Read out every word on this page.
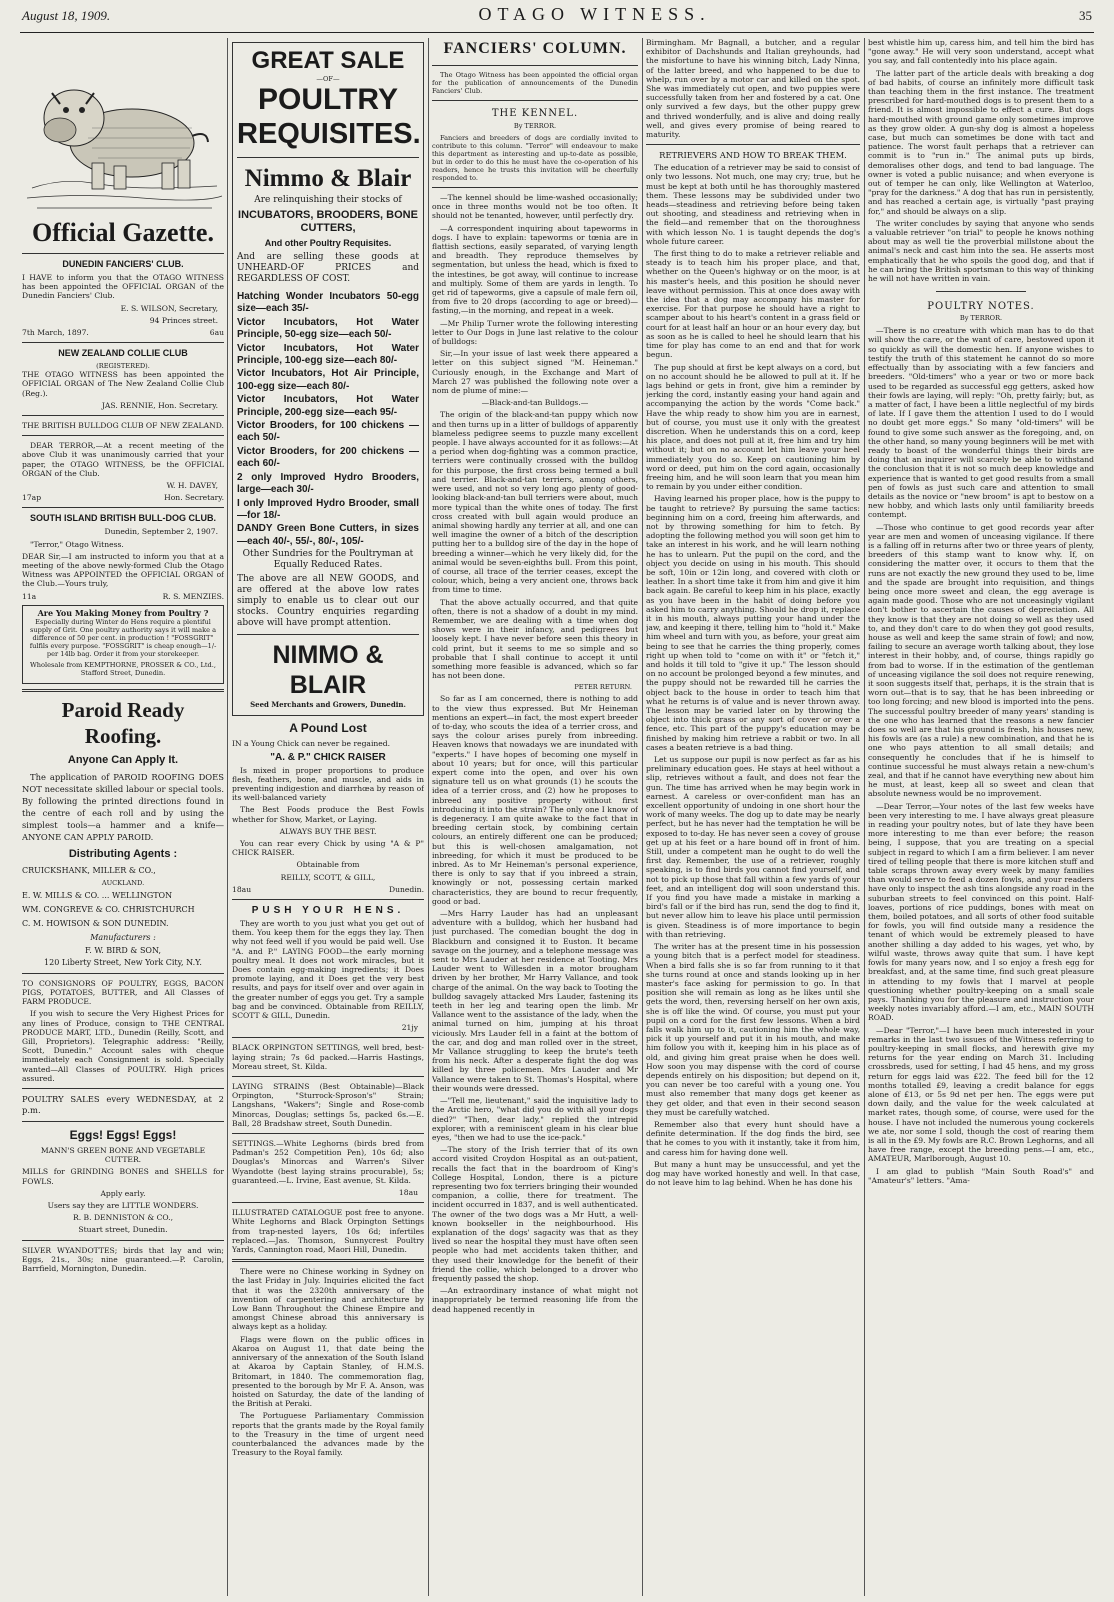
August 18, 1909.	OTAGO WITNESS.	35
Official Gazette.
DUNEDIN FANCIERS' CLUB.

I HAVE to inform you that the OTAGO WITNESS has been appointed the OFFICIAL ORGAN of the Dunedin Fanciers' Club.

E. S. WILSON, Secretary,

94 Princes street.

7th March, 1897.	6au
NEW ZEALAND COLLIE CLUB
(REGISTERED).

THE OTAGO WITNESS has been appointed the OFFICIAL ORGAN of The New Zealand Collie Club (Reg.).

JAS. RENNIE, Hon. Secretary.

THE BRITISH BULLDOG CLUB OF NEW ZEALAND.

DEAR TERROR,—At a recent meeting of the above Club it was unanimously carried that your paper, the OTAGO WITNESS, be the OFFICIAL ORGAN of the Club.

W. H. DAVEY,

17ap	Hon. Secretary.
SOUTH ISLAND BRITISH BULL-DOG CLUB.

Dunedin, September 2, 1907.

"Terror," Otago Witness.

DEAR Sir,—I am instructed to inform you that at a meeting of the above newly-formed Club the Otago Witness was APPOINTED the OFFICIAL ORGAN of the Club.—Yours truly,

11a	R. S. MENZIES.
Are You Making Money from Poultry ?

Especially during Winter do Hens require a plentiful supply of Grit. One poultry authority says it will make a difference of 50 per cent. in production ! "FOSSGRIT" fulfils every purpose. "FOSSGRIT" is cheap enough—1/- per 14lb bag. Order it from your storekeeper.

Wholesale from KEMPTHORNE, PROSSER & CO., Ltd., Stafford Street, Dunedin.

Paroid Ready Roofing.
Anyone Can Apply It.

The application of PAROID ROOFING DOES NOT necessitate skilled labour or special tools. By following the printed directions found in the centre of each roll and by using the simplest tools—a hammer and a knife—ANYONE CAN APPLY PAROID.

Distributing Agents :

CRUICKSHANK, MILLER & CO.,

AUCKLAND.

E. W. MILLS & CO. ... WELLINGTON

WM. CONGREVE & CO. CHRISTCHURCH

C. M. HOWISON & SON DUNEDIN.

Manufacturers :

F. W. BIRD & SON,

120 Liberty Street, New York City, N.Y.

TO CONSIGNORS OF POULTRY, EGGS, BACON PIGS, POTATOES, BUTTER, and All Classes of FARM PRODUCE.

If you wish to secure the Very Highest Prices for any lines of Produce, consign to THE CENTRAL PRODUCE MART, LTD., Dunedin (Reilly, Scott, and Gill, Proprietors). Telegraphic address: "Reilly, Scott, Dunedin." Account sales with cheque immediately each Consignment is sold. Specially wanted—All Classes of POULTRY. High prices assured.

POULTRY SALES every WEDNESDAY, at 2 p.m.

Eggs! Eggs! Eggs!

MANN'S GREEN BONE AND VEGETABLE CUTTER.

MILLS for GRINDING BONES and SHELLS for FOWLS.

Apply early.

Users say they are LITTLE WONDERS.

R. B. DENNISTON & CO.,

Stuart street, Dunedin.

SILVER WYANDOTTES; birds that lay and win; Eggs, 21s., 30s; nine guaranteed.—P. Carolin, Barrfield, Mornington, Dunedin.

GREAT SALE
—OF—
POULTRY
REQUISITES.
Nimmo & Blair

Are relinquishing their stocks of

INCUBATORS, BROODERS, BONE CUTTERS,
And other Poultry Requisites.

And are selling these goods at UNHEARD-OF PRICES and REGARDLESS OF COST.

Hatching Wonder Incubators 50-egg size—each 35/-

Victor Incubators, Hot Water Principle, 50-egg size—each 50/-

Victor Incubators, Hot Water Principle, 100-egg size—each 80/-

Victor Incubators, Hot Air Principle, 100-egg size—each 80/-

Victor Incubators, Hot Water Principle, 200-egg size—each 95/-

Victor Brooders, for 100 chickens —each 50/-

Victor Brooders, for 200 chickens —each 60/-

2 only Improved Hydro Brooders, large—each 30/-

I only Improved Hydro Brooder, small—for 18/-

DANDY Green Bone Cutters, in sizes—each 40/-, 55/-, 80/-, 105/-

Other Sundries for the Poultryman at Equally Reduced Rates.

The above are all NEW GOODS, and are offered at the above low rates simply to enable us to clear out our stocks. Country enquiries regarding above will have prompt attention.

NIMMO & BLAIR
Seed Merchants and Growers, Dunedin.
A Pound Lost

IN a Young Chick can never be regained.

"A. & P." CHICK RAISER

Is mixed in proper proportions to produce flesh, feathers, bone, and muscle, and aids in preventing indigestion and diarrhœa by reason of its well-balanced variety

The Best Foods produce the Best Fowls whether for Show, Market, or Laying.

ALWAYS BUY THE BEST.

You can rear every Chick by using "A & P" CHICK RAISER.

Obtainable from

REILLY, SCOTT, & GILL,

18au	Dunedin.
PUSH YOUR HENS.

They are worth to you just what you get out of them. You keep them for the eggs they lay. Then why not feed well if you would be paid well. Use "A. and P." LAYING FOOD—the early morning poultry meal. It does not work miracles, but it Does contain egg-making ingredients; it Does promote laying, and it Does get the very best results, and pays for itself over and over again in the greater number of eggs you get. Try a sample bag and be convinced. Obtainable from REILLY, SCOTT & GILL, Dunedin.

21jy

BLACK ORPINGTON SETTINGS, well bred, best-laying strain; 7s 6d packed.—Harris Hastings, Moreau street, St. Kilda.

LAYING STRAINS (Best Obtainable)—Black Orpington, "Sturrock-Sproson's" Strain; Langshans, "Wakers"; Single and Rose-comb Minorcas, Douglas; settings 5s, packed 6s.—E. Ball, 28 Bradshaw street, South Dunedin.

SETTINGS.—White Leghorns (birds bred from Padman's 252 Competition Pen), 10s 6d; also Douglas's Minorcas and Warren's Silver Wyandotte (best laying strains procurable), 5s; guaranteed.—L. Irvine, East avenue, St. Kilda.

18au

ILLUSTRATED CATALOGUE post free to anyone. White Leghorns and Black Orpington Settings from trap-nested layers, 10s 6d; infertiles replaced.—Jas. Thomson, Sunnycrest Poultry Yards, Cannington road, Maori Hill, Dunedin.

There were no Chinese working in Sydney on the last Friday in July. Inquiries elicited the fact that it was the 2320th anniversary of the invention of carpentering and architecture by Low Bann Throughout the Chinese Empire and amongst Chinese abroad this anniversary is always kept as a holiday.

Flags were flown on the public offices in Akaroa on August 11, that date being the anniversary of the annexation of the South Island at Akaroa by Captain Stanley, of H.M.S. Britomart, in 1840. The commemoration flag, presented to the borough by Mr F. A. Anson, was hoisted on Saturday, the date of the landing of the British at Peraki.

The Portuguese Parliamentary Commission reports that the grants made by the Royal family to the Treasury in the time of urgent need counterbalanced the advances made by the Treasury to the Royal family.

FANCIERS' COLUMN.

The Otago Witness has been appointed the official organ for the publication of announcements of the Dunedin Fanciers' Club.

THE KENNEL.
By TERROR.

Fanciers and breeders of dogs are cordially invited to contribute to this column. "Terror" will endeavour to make this department as interesting and up-to-date as possible, but in order to do this he must have the co-operation of his readers, hence he trusts this invitation will be cheerfully responded to.

—The kennel should be lime-washed occasionally; once in three months would not be too often. It should not be tenanted, however, until perfectly dry.

—A correspondent inquiring about tapeworms in dogs. I have to explain: tapeworms or tœnia are in flattish sections, easily separated, of varying length and breadth. They reproduce themselves by segmentation, but unless the head, which is fixed to the intestines, be got away, will continue to increase and multiply. Some of them are yards in length. To get rid of tapeworms, give a capsule of male fern oil, from five to 20 drops (according to age or breed)—fasting,—in the morning, and repeat in a week.

—Mr Philip Turner wrote the following interesting letter to Our Dogs in June last relative to the colour of bulldogs:

Sir,—In your issue of last week there appeared a letter on this subject signed "M. Heineman." Curiously enough, in the Exchange and Mart of March 27 was published the following note over a nom de plume of mine:—

—Black-and-tan Bulldogs.—

The origin of the black-and-tan puppy which now and then turns up in a litter of bulldogs of apparently blameless pedigree seems to puzzle many excellent people. I have always accounted for it as follows:—At a period when dog-fighting was a common practice, terriers were continually crossed with the bulldog for this purpose, the first cross being termed a bull and terrier. Black-and-tan terriers, among others, were used, and not so very long ago plenty of good-looking black-and-tan bull terriers were about, much more typical than the white ones of today. The first cross created with bull again would produce an animal showing hardly any terrier at all, and one can well imagine the owner of a bitch of the description putting her to a bulldog sire of the day in the hope of breeding a winner—which he very likely did, for the animal would be seven-eighths bull. From this point, of course, all trace of the terrier ceases, except the colour, which, being a very ancient one, throws back from time to time.

That the above actually occurred, and that quite often, there is not a shadow of a doubt in my mind. Remember, we are dealing with a time when dog shows were in their infancy, and pedigrees but loosely kept. I have never before seen this theory in cold print, but it seems to me so simple and so probable that I shall continue to accept it until something more feasible is advanced, which so far has not been done.

PETER RETURN.

So far as I am concerned, there is nothing to add to the view thus expressed. But Mr Heineman mentions an expert—in fact, the most expert breeder of to-day, who scouts the idea of a terrier cross, and says the colour arises purely from inbreeding. Heaven knows that nowadays we are inundated with "experts." I have hopes of becoming one myself in about 10 years; but for once, will this particular expert come into the open, and over his own signature tell us on what grounds (1) he scouts the idea of a terrier cross, and (2) how he proposes to inbreed any positive property without first introducing it into the strain? The only one I know of is degeneracy. I am quite awake to the fact that in breeding certain stock, by combining certain colours, an entirely different one can be produced; but this is well-chosen amalgamation, not inbreeding, for which it must be produced to be inbred. As to Mr Heineman's personal experience, there is only to say that if you inbreed a strain, knowingly or not, possessing certain marked characteristics, they are bound to recur frequently, good or bad.

—Mrs Harry Lauder has had an unpleasant adventure with a bulldog, which her husband had just purchased. The comedian bought the dog in Blackburn and consigned it to Euston. It became savage on the journey, and a telephone message was sent to Mrs Lauder at her residence at Tooting. Mrs Lauder went to Willesden in a motor brougham driven by her brother, Mr Harry Vallance, and took charge of the animal. On the way back to Tooting the bulldog savagely attacked Mrs Lauder, fastening its teeth in her leg and tearing open the limb. Mr Vallance went to the assistance of the lady, when the animal turned on him, jumping at his throat viciously. Mrs Lauder fell in a faint at the bottom of the car, and dog and man rolled over in the street, Mr Vallance struggling to keep the brute's teeth from his neck. After a desperate fight the dog was killed by three policemen. Mrs Lauder and Mr Vallance were taken to St. Thomas's Hospital, where their wounds were dressed.

—"Tell me, lieutenant," said the inquisitive lady to the Arctic hero, "what did you do with all your dogs died?" "Then, dear lady," replied the intrepid explorer, with a reminiscent gleam in his clear blue eyes, "then we had to use the ice-pack."

—The story of the Irish terrier that of its own accord visited Croydon Hospital as an out-patient, recalls the fact that in the boardroom of King's College Hospital, London, there is a picture representing two fox terriers bringing their wounded companion, a collie, there for treatment. The incident occurred in 1837, and is well authenticated. The owner of the two dogs was a Mr Hutt, a well-known bookseller in the neighbourhood. His explanation of the dogs' sagacity was that as they lived so near the hospital they must have often seen people who had met accidents taken thither, and they used their knowledge for the benefit of their friend the collie, which belonged to a drover who frequently passed the shop.

—An extraordinary instance of what might not inappropriately be termed reasoning life from the dead happened recently in

Birmingham. Mr Bagnall, a butcher, and a regular exhibitor of Dachshunds and Italian greyhounds, had the misfortune to have his winning bitch, Lady Ninna, of the latter breed, and who happened to be due to whelp, run over by a motor car and killed on the spot. She was immediately cut open, and two puppies were successfully taken from her and fostered by a cat. One only survived a few days, but the other puppy grew and thrived wonderfully, and is alive and doing really well, and gives every promise of being reared to maturity.

RETRIEVERS AND HOW TO BREAK THEM.

The education of a retriever may be said to consist of only two lessons. Not much, one may cry; true, but he must be kept at both until he has thoroughly mastered them. These lessons may be subdivided under two heads—steadiness and retrieving before being taken out shooting, and steadiness and retrieving when in the field—and remember that on the thoroughness with which lesson No. 1 is taught depends the dog's whole future career.

The first thing to do to make a retriever reliable and steady is to teach him his proper place, and that, whether on the Queen's highway or on the moor, is at his master's heels, and this position he should never leave without permission. This at once does away with the idea that a dog may accompany his master for exercise. For that purpose he should have a right to scamper about to his heart's content in a grass field or court for at least half an hour or an hour every day, but as soon as he is called to heel he should learn that his time for play has come to an end and that for work begun.

The pup should at first be kept always on a cord, but on no account should he be allowed to pull at it. If he lags behind or gets in front, give him a reminder by jerking the cord, instantly easing your hand again and accompanying the action by the words "Come back." Have the whip ready to show him you are in earnest, but of course, you must use it only with the greatest discretion. When he understands this on a cord, keep his place, and does not pull at it, free him and try him without it; but on no account let him leave your heel immediately you do so. Keep on cautioning him by word or deed, put him on the cord again, occasionally freeing him, and he will soon learn that you mean him to remain by you under either condition.

Having learned his proper place, how is the puppy to be taught to retrieve? By pursuing the same tactics: beginning him on a cord, freeing him afterwards, and not by throwing something for him to fetch. By adopting the following method you will soon get him to take an interest in his work, and he will learn nothing he has to unlearn. Put the pupil on the cord, and the object you decide on using in his mouth. This should be soft, 10in or 12in long, and covered with cloth or leather. In a short time take it from him and give it him back again. Be careful to keep him in his place, exactly as you have been in the habit of doing before you asked him to carry anything. Should he drop it, replace it in his mouth, always putting your hand under the jaw, and keeping it there, telling him to "hold it." Make him wheel and turn with you, as before, your great aim being to see that he carries the thing properly, comes right up when told to "come on with it" or "fetch it," and holds it till told to "give it up." The lesson should on no account be prolonged beyond a few minutes, and the puppy should not be rewarded till he carries the object back to the house in order to teach him that what he returns is of value and is never thrown away. The lesson may be varied later on by throwing the object into thick grass or any sort of cover or over a fence, etc. This part of the puppy's education may be finished by making him retrieve a rabbit or two. In all cases a beaten retrieve is a bad thing.

Let us suppose our pupil is now perfect as far as his preliminary education goes. He stays at heel without a slip, retrieves without a fault, and does not fear the gun. The time has arrived when he may begin work in earnest. A careless or over-confident man has an excellent opportunity of undoing in one short hour the work of many weeks. The dog up to date may be nearly perfect, but he has never had the temptation he will be exposed to to-day. He has never seen a covey of grouse get up at his feet or a hare bound off in front of him. Still, under a competent man he ought to do well the first day. Remember, the use of a retriever, roughly speaking, is to find birds you cannot find yourself, and not to pick up those that fall within a few yards of your feet, and an intelligent dog will soon understand this. If you find you have made a mistake in marking a bird's fall or if the bird has run, send the dog to find it, but never allow him to leave his place until permission is given. Steadiness is of more importance to begin with than retrieving.

The writer has at the present time in his possession a young bitch that is a perfect model for steadiness. When a bird falls she is so far from running to it that she turns round at once and stands looking up in her master's face asking for permission to go. In that position she will remain as long as he likes until she gets the word, then, reversing herself on her own axis, she is off like the wind. Of course, you must put your pupil on a cord for the first few lessons. When a bird falls walk him up to it, cautioning him the whole way, pick it up yourself and put it in his mouth, and make him follow you with it, keeping him in his place as of old, and giving him great praise when he does well. How soon you may dispense with the cord of course depends entirely on his disposition; but depend on it, you can never be too careful with a young one. You must also remember that many dogs get keener as they get older, and that even in their second season they must be carefully watched.

Remember also that every hunt should have a definite determination. If the dog finds the bird, see that he comes to you with it instantly, take it from him, and caress him for having done well.

But many a hunt may be unsuccessful, and yet the dog may have worked honestly and well. In that case, do not leave him to lag behind. When he has done his

best whistle him up, caress him, and tell him the bird has "gone away." He will very soon understand, accept what you say, and fall contentedly into his place again.

The latter part of the article deals with breaking a dog of bad habits, of course an infinitely more difficult task than teaching them in the first instance. The treatment prescribed for hard-mouthed dogs is to present them to a friend. It is almost impossible to effect a cure. But dogs hard-mouthed with ground game only sometimes improve as they grow older. A gun-shy dog is almost a hopeless case, but much can sometimes be done with tact and patience. The worst fault perhaps that a retriever can commit is to "run in." The animal puts up birds, demoralises other dogs, and tend to bad language. The owner is voted a public nuisance; and when everyone is out of temper he can only, like Wellington at Waterloo, "pray for the darkness." A dog that has run in persistently, and has reached a certain age, is virtually "past praying for," and should be always on a slip.

The writer concludes by saying that anyone who sends a valuable retriever "on trial" to people he knows nothing about may as well tie the proverbial millstone about the animal's neck and cast him into the sea. He asserts most emphatically that he who spoils the good dog, and that if he can bring the British sportsman to this way of thinking he will not have written in vain.

POULTRY NOTES.
By TERROR.

—There is no creature with which man has to do that will show the care, or the want of care, bestowed upon it so quickly as will the domestic hen. If anyone wishes to testify the truth of this statement he cannot do so more effectually than by associating with a few fanciers and breeders. "Old-timers" who a year or two or more back used to be regarded as successful egg getters, asked how their fowls are laying, will reply: "Oh, pretty fairly; but, as a matter of fact, I have been a little neglectful of my birds of late. If I gave them the attention I used to do I would no doubt get more eggs." So many "old-timers" will be found to give some such answer as the foregoing, and, on the other hand, so many young beginners will be met with ready to boast of the wonderful things their birds are doing that an inquirer will scarcely be able to withstand the conclusion that it is not so much deep knowledge and experience that is wanted to get good results from a small pen of fowls as just such care and attention to small details as the novice or "new broom" is apt to bestow on a new hobby, and which lasts only until familiarity breeds contempt.

—Those who continue to get good records year after year are men and women of unceasing vigilance. If there is a falling off in returns after two or three years of plenty, breeders of this stamp want to know why. If, on considering the matter over, it occurs to them that the runs are not exactly the new ground they used to be, lime and the spade are brought into requisition, and things being once more sweet and clean, the egg average is again made good. Those who are not unceasingly vigilant don't bother to ascertain the causes of depreciation. All they know is that they are not doing so well as they used to, and they don't care to do when they got good results, house as well and keep the same strain of fowl; and now, failing to secure an average worth talking about, they lose interest in their hobby, and, of course, things rapidly go from bad to worse. If in the estimation of the gentleman of unceasing vigilance the soil does not require renewing, it soon suggests itself that, perhaps, it is the strain that is worn out—that is to say, that he has been inbreeding or too long forcing; and new blood is imported into the pens. The successful poultry breeder of many years' standing is the one who has learned that the reasons a new fancier does so well are that his ground is fresh, his houses new, his fowls are (as a rule) a new combination, and that he is one who pays attention to all small details; and consequently he concludes that if he is himself to continue successful he must always retain a new-chum's zeal, and that if he cannot have everything new about him he must, at least, keep all so sweet and clean that absolute newness would be no improvement.

—Dear Terror,—Your notes of the last few weeks have been very interesting to me. I have always great pleasure in reading your poultry notes, but of late they have been more interesting to me than ever before; the reason being, I suppose, that you are treating on a special subject in regard to which I am a firm believer. I am never tired of telling people that there is more kitchen stuff and table scraps thrown away every week by many families than would serve to feed a dozen fowls, and your readers have only to inspect the ash tins alongside any road in the suburban streets to feel convinced on this point. Half-loaves, portions of rice puddings, bones with meat on them, boiled potatoes, and all sorts of other food suitable for fowls, you will find outside many a residence the tenant of which would be extremely pleased to have another shilling a day added to his wages, yet who, by wilful waste, throws away quite that sum. I have kept fowls for many years now, and I so enjoy a fresh egg for breakfast, and, at the same time, find such great pleasure in attending to my fowls that I marvel at people questioning whether poultry-keeping on a small scale pays. Thanking you for the pleasure and instruction your weekly notes invariably afford.—I am, etc., MAIN SOUTH ROAD.

—Dear "Terror,"—I have been much interested in your remarks in the last two issues of the Witness referring to poultry-keeping in small flocks, and herewith give my returns for the year ending on March 31. Including crossbreds, used for setting, I had 45 hens, and my gross return for eggs laid was £22. The feed bill for the 12 months totalled £9, leaving a credit balance for eggs alone of £13, or 5s 9d net per hen. The eggs were put down daily, and the value for the week calculated at market rates, though some, of course, were used for the house. I have not included the numerous young cockerels we ate, nor some I sold, though the cost of rearing them is all in the £9. My fowls are R.C. Brown Leghorns, and all have free range, except the breeding pens.—I am, etc., AMATEUR, Marlborough, August 10.

I am glad to publish "Main South Road's" and "Amateur's" letters. "Ama-
